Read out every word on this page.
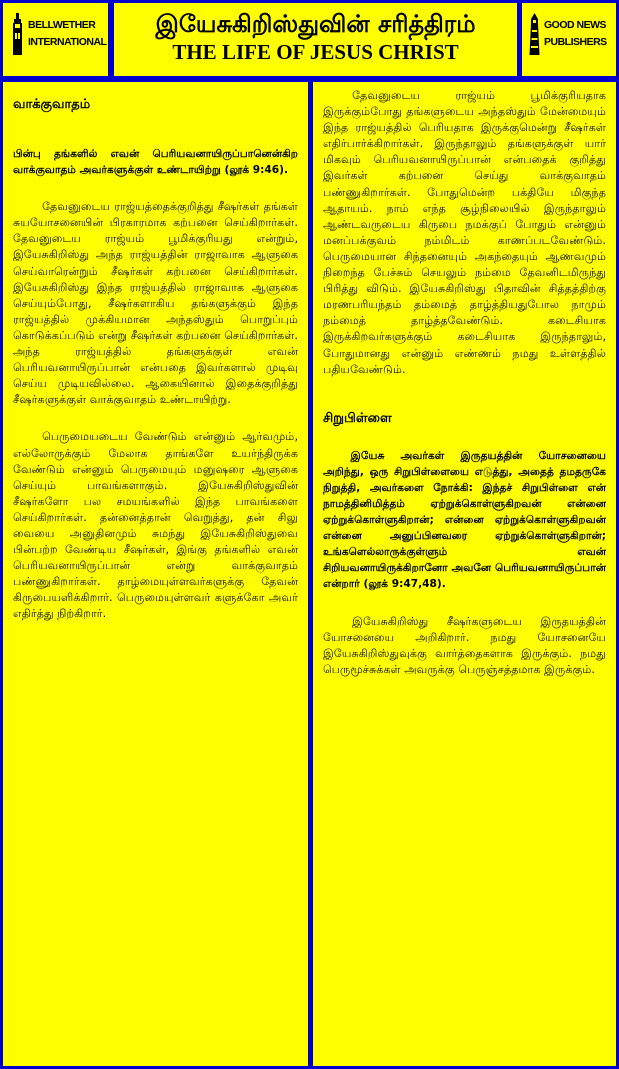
BELLWETHER
INTERNATIONAL
இயேசுகிறிஸ்துவின் சரித்திரம்
THE LIFE OF JESUS CHRIST
GOOD NEWS
PUBLISHERS
வாக்குவாதம்

பின்பு தங்களில் எவன் பெரியவனாயிருப்பானென்கிற வாக்குவாதம் அவர்களுக்குள் உண்டாயிற்று (லூக் 9:46).

தேவனுடைய ராஜ்யத்தைக்குறித்து சீஷர்கள் தங்கள் சுயயோசனையின் பிரகாரமாக கற்பனை செய்கிறார்கள். தேவனுடைய ராஜ்யம் பூமிக்குரியது என்றும், இயேசுகிறிஸ்து அந்த ராஜ்யத்தின் ராஜாவாக ஆளுகை செய்வாரென்றும் சீஷர்கள் கற்பனை செய்கிறார்கள். இயேசுகிறிஸ்து இந்த ராஜ்யத்தில் ராஜாவாக ஆளுகை செய்யும்போது, சீஷர்களாகிய தங்களுக்கும் இந்த ராஜ்யத்தில் முக்கியமான அந்தஸ்தும் பொறுப்பும் கொடுக்கப்படும் என்று சீஷர்கள் கற்பனை செய்கிறார்கள். அந்த ராஜ்யத்தில் தங்களுக்குள் எவன் பெரியவனாயிருப்பான் என்பதை இவர்களால் முடிவு செய்ய முடியவில்லை. ஆகையினால் இதைக்குறித்து சீஷர்களுக்குள் வாக்குவாதம் உண்டாயிற்று.

பெருமையடைய வேண்டும் என்னும் ஆர்வமும், எல்லோருக்கும் மேலாக தாங்களே உயர்ந்திருக்க வேண்டும் என்னும் பெருமையும் மனுஷரை ஆளுகை செய்யும் பாவங்களாகும். இயேசுகிறிஸ்துவின் சீஷர்களோ பல சமயங்களில் இந்த பாவங்களை செய்கிறார்கள். தன்னைத்தான் வெறுத்து, தன் சிலு வையை அனுதினமும் சுமந்து இயேசுகிறிஸ்துவை பின்பற்ற வேண்டிய சீஷர்கள், இங்கு தங்களில் எவன் பெரியவனாயிருப்பான் என்று வாக்குவாதம் பண்ணுகிறார்கள். தாழ்மையுள்ளவர்களுக்கு தேவன் கிருபையளிக்கிறார். பெருமையுள்ளவர் களுக்கோ அவர் எதிர்த்து நிற்கிறார்.

தேவனுடைய ராஜ்யம் பூமிக்குரியதாக இருக்கும்போது தங்களுடைய அந்தஸ்தும் மேன்மையும் இந்த ராஜ்யத்தில் பெரியதாக இருக்குமென்று சீஷர்கள் எதிர்பார்க்கிறார்கள். இருந்தாலும் தங்களுக்குள் யார் மிகவும் பெரியவனாயிருப்பான் என்பதைக் குறித்து இவர்கள் கற்பனை செய்து வாக்குவாதம் பண்ணுகிறார்கள். போதுமென்ற பக்தியே மிகுந்த ஆதாயம். நாம் எந்த சூழ்நிலையில் இருந்தாலும் ஆண்டவருடைய கிருபை நமக்குப் போதும் என்னும் மனப்பக்குவம் நம்மிடம் காணப்படவேண்டும். பெருமையான சிந்தனையும் அகந்தையும் ஆணவமும் நிறைந்த பேச்சும் செயலும் நம்மை தேவனிடமிருந்து பிரித்து விடும். இயேசுகிறிஸ்து பிதாவின் சித்தத்திற்கு மரணபரியந்தம் தம்மைத் தாழ்த்தியதுபோல நாமும் நம்மைத் தாழ்த்தவேண்டும். கடைசியாக இருக்கிறவர்களுக்கும் கடைசியாக இருந்தாலும், போதுமானது என்னும் எண்ணம் நமது உள்ளத்தில் பதியவேண்டும்.

சிறுபிள்ளை

இயேசு அவர்கள் இருதயத்தின் யோசனையை அறிந்து, ஒரு சிறுபிள்ளையை எடுத்து, அதைத் தமதருகே நிறுத்தி, அவர்களை நோக்கி: இந்தச் சிறுபிள்ளை என் நாமத்தினிமித்தம் ஏற்றுக்கொள்ளுகிறவன் என்னை ஏற்றுக்கொள்ளுகிறான்; என்னை ஏற்றுக்கொள்ளுகிறவன் என்னை அனுப்பினவரை ஏற்றுக்கொள்ளுகிறான்; உங்களெல்லாருக்குள்ளும் எவன் சிறியவனாயிருக்கிறானோ அவனே பெரியவனாயிருப்பான் என்றார் (லூக் 9:47,48).

இயேசுகிறிஸ்து சீஷர்களுடைய இருதயத்தின் யோசனையை அறிகிறார். நமது யோசனையே இயேசுகிறிஸ்துவுக்கு வார்த்தைகளாக இருக்கும். நமது பெருமூச்சுக்கள் அவருக்கு பெருஞ்சத்தமாக இருக்கும்.
